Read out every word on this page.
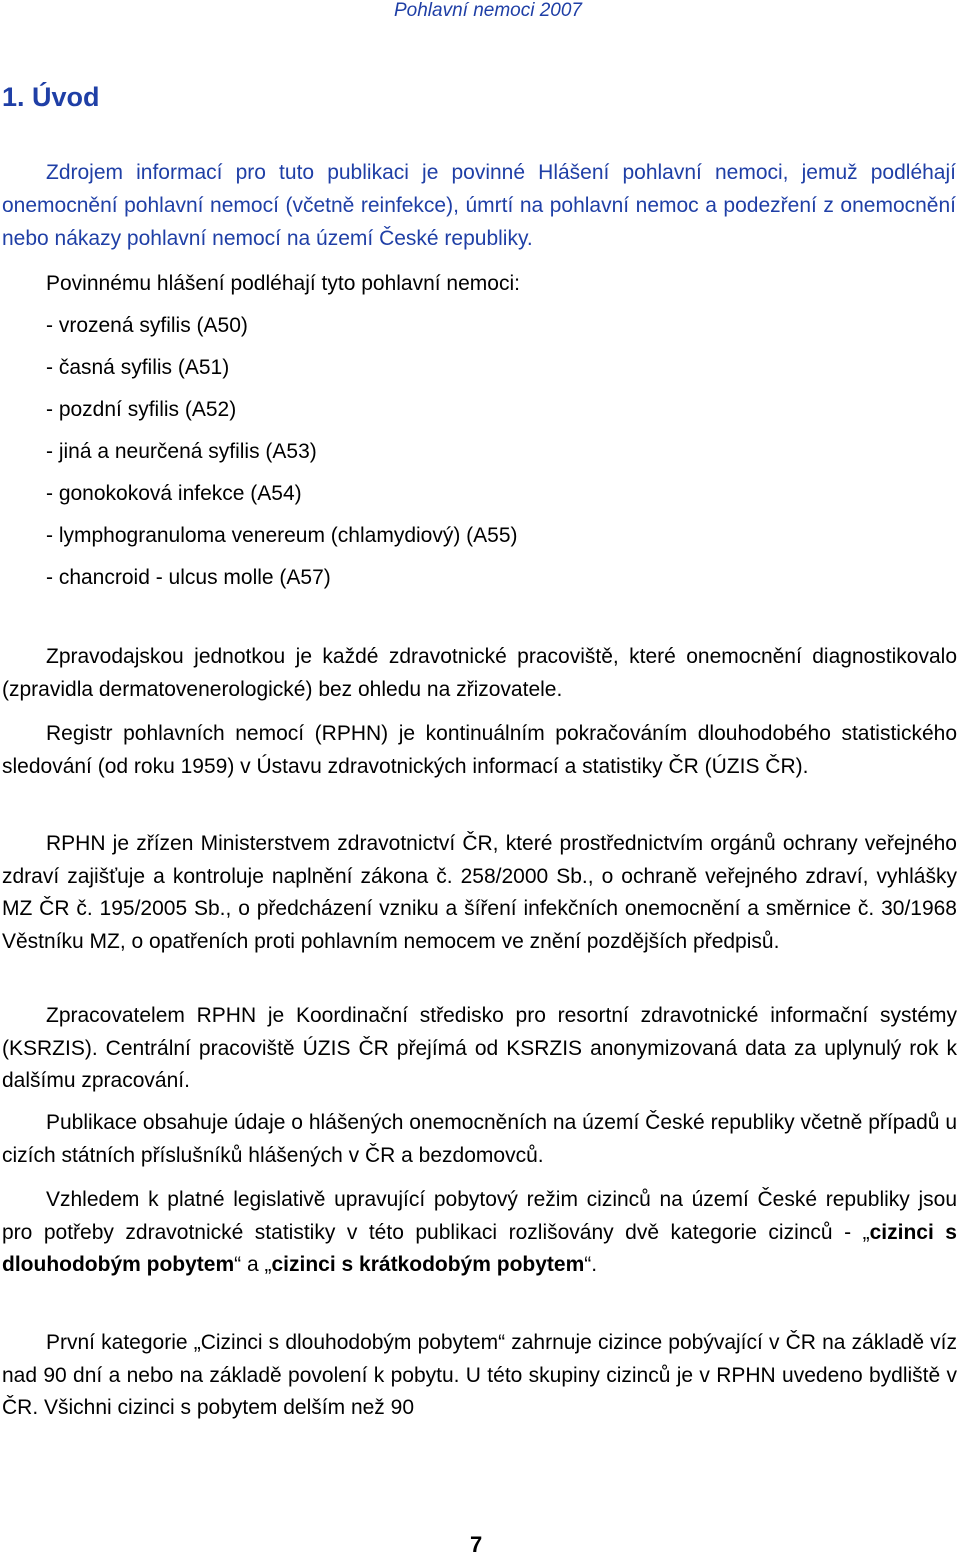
Pohlavní nemoci 2007
1. Úvod

Zdrojem informací pro tuto publikaci je povinné Hlášení pohlavní nemoci, jemuž podléhají onemocnění pohlavní nemocí (včetně reinfekce), úmrtí na pohlavní nemoc a podezření z onemocnění nebo nákazy pohlavní nemocí na území České republiky.

Povinnému hlášení podléhají tyto pohlavní nemoci:
- vrozená syfilis (A50)
- časná syfilis (A51)
- pozdní syfilis (A52)
- jiná a neurčená syfilis (A53)
- gonokoková infekce (A54)
- lymphogranuloma venereum (chlamydiový) (A55)
- chancroid - ulcus molle (A57)

Zpravodajskou jednotkou je každé zdravotnické pracoviště, které onemocnění diagnostikovalo (zpravidla dermatovenerologické) bez ohledu na zřizovatele.

Registr pohlavních nemocí (RPHN) je kontinuálním pokračováním dlouhodobého statistického sledování (od roku 1959) v Ústavu zdravotnických informací a statistiky ČR (ÚZIS ČR).

RPHN je zřízen Ministerstvem zdravotnictví ČR, které prostřednictvím orgánů ochrany veřejného zdraví zajišťuje a kontroluje naplnění zákona č. 258/2000 Sb., o ochraně veřejného zdraví, vyhlášky MZ ČR č. 195/2005 Sb., o předcházení vzniku a šíření infekčních onemocnění a směrnice č. 30/1968 Věstníku MZ, o opatřeních proti pohlavním nemocem ve znění pozdějších předpisů.

Zpracovatelem RPHN je Koordinační středisko pro resortní zdravotnické informační systémy (KSRZIS). Centrální pracoviště ÚZIS ČR přejímá od KSRZIS anonymizovaná data za uplynulý rok k dalšímu zpracování.

Publikace obsahuje údaje o hlášených onemocněních na území České republiky včetně případů u cizích státních příslušníků hlášených v ČR a bezdomovců.

Vzhledem k platné legislativě upravující pobytový režim cizinců na území České republiky jsou pro potřeby zdravotnické statistiky v této publikaci rozlišovány dvě kategorie cizinců - „cizinci s dlouhodobým pobytem“ a „cizinci s krátkodobým pobytem“.

První kategorie „Cizinci s dlouhodobým pobytem“ zahrnuje cizince pobývající v ČR na základě víz nad 90 dní a nebo na základě povolení k pobytu. U této skupiny cizinců je v RPHN uvedeno bydliště v ČR. Všichni cizinci s pobytem delším než 90

7
